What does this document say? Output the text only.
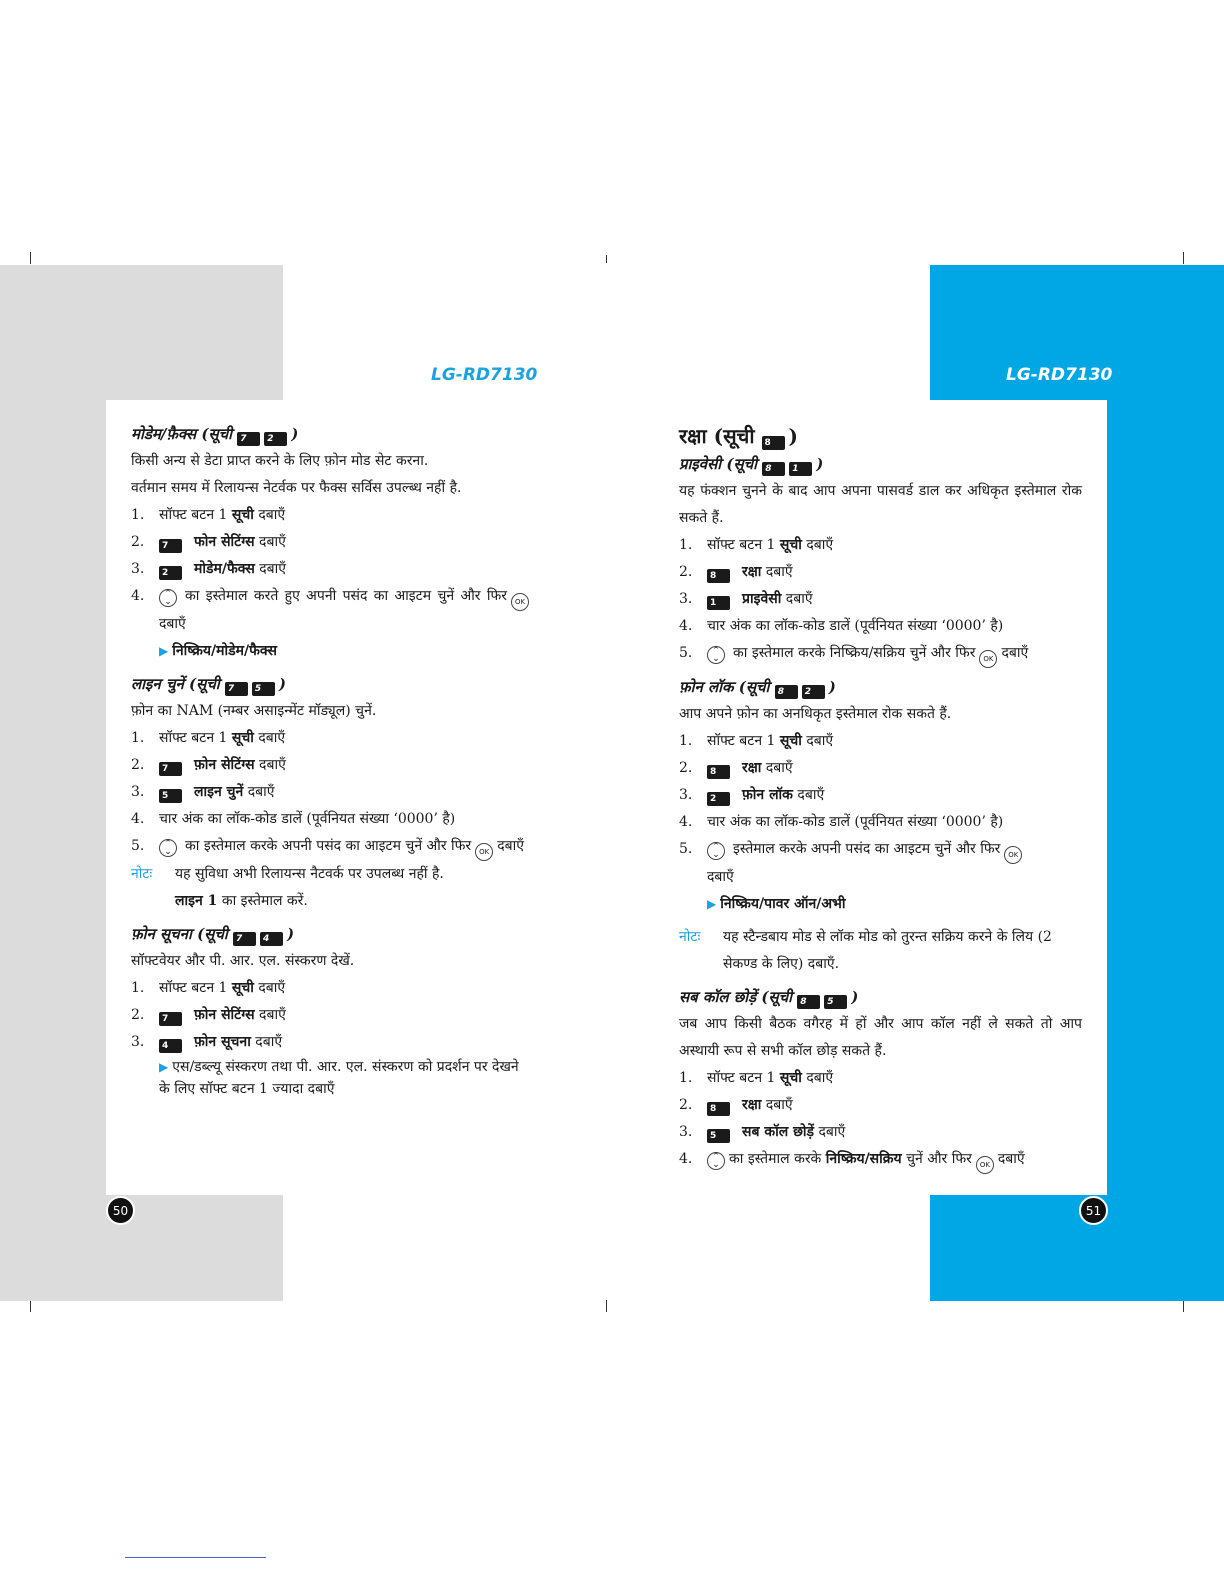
LG-RD7130	LG-RD7130
50	51
मोडेम/फ़ैक्स (सूची 7 2 )

किसी अन्य से डेटा प्राप्त करने के लिए फ़ोन मोड सेट करना.

वर्तमान समय में रिलायन्स नेटर्वक पर फैक्स सर्विस उपल्ब्ध नहीं है.

1.	सॉफ्ट बटन 1 सूची दबाएँ
2.	7 फोन सेटिंग्स दबाएँ
3.	2 मोडेम/फैक्स दबाएँ
4.	⌃
⌄ का इस्तेमाल करते हुए अपनी पसंद का आइटम चुनें और फिर OKदबाएँ
▶ निष्क्रिय/मोडेम/फैक्स
लाइन चुनें (सूची 7 5 )

फ़ोन का NAM (नम्बर असाइन्मेंट मॉड्यूल) चुनें.

1.	सॉफ्ट बटन 1 सूची दबाएँ
2.	7 फ़ोन सेटिंग्स दबाएँ
3.	5 लाइन चुनें दबाएँ
4.	चार अंक का लॉक-कोड डालें (पूर्वनियत संख्या ‘0000’ है)
5.	⌃
⌄ का इस्तेमाल करके अपनी पसंद का आइटम चुनें और फिर OK दबाएँ
नोटः	यह सुविधा अभी रिलायन्स नैटवर्क पर उपलब्ध नहीं है.
लाइन 1 का इस्तेमाल करें.
फ़ोन सूचना (सूची 7 4 )

सॉफ्टवेयर और पी. आर. एल. संस्करण देखें.

1.	सॉफ्ट बटन 1 सूची दबाएँ
2.	7 फ़ोन सेटिंग्स दबाएँ
3.	4 फ़ोन सूचना दबाएँ
▶ एस/डब्ल्यू संस्करण तथा पी. आर. एल. संस्करण को प्रदर्शन पर देखने के लिए सॉफ्ट बटन 1 ज्यादा दबाएँ
रक्षा (सूची 8 )
प्राइवेसी (सूची 8 1 )

यह फंक्शन चुनने के बाद आप अपना पासवर्ड डाल कर अधिकृत इस्तेमाल रोक सकते हैं.

1.	सॉफ्ट बटन 1 सूची दबाएँ
2.	8 रक्षा दबाएँ
3.	1 प्राइवेसी दबाएँ
4.	चार अंक का लॉक-कोड डालें (पूर्वनियत संख्या ‘0000’ है)
5.	⌃
⌄ का इस्तेमाल करके निष्क्रिय/सक्रिय चुनें और फिर OK दबाएँ
फ़ोन लॉक (सूची 8 2 )

आप अपने फ़ोन का अनधिकृत इस्तेमाल रोक सकते हैं.

1.	सॉफ्ट बटन 1 सूची दबाएँ
2.	8 रक्षा दबाएँ
3.	2 फ़ोन लॉक दबाएँ
4.	चार अंक का लॉक-कोड डालें (पूर्वनियत संख्या ‘0000’ है)
5.	⌃
⌄ इस्तेमाल करके अपनी पसंद का आइटम चुनें और फिर OK
दबाएँ
▶ निष्क्रिय/पावर ऑन/अभी
नोटः	यह स्टैन्डबाय मोड से लॉक मोड को तुरन्त सक्रिय करने के लिय (2 सेकण्ड के लिए) दबाएँ.
सब कॉल छोड़ें (सूची 8 5 )

जब आप किसी बैठक वगैरह में हों और आप कॉल नहीं ले सकते तो आप अस्थायी रूप से सभी कॉल छोड़ सकते हैं.

1.	सॉफ्ट बटन 1 सूची दबाएँ
2.	8 रक्षा दबाएँ
3.	5 सब कॉल छोड़ें दबाएँ
4.	⌃
⌄ का इस्तेमाल करके निष्क्रिय/सक्रिय चुनें और फिर OK दबाएँ
